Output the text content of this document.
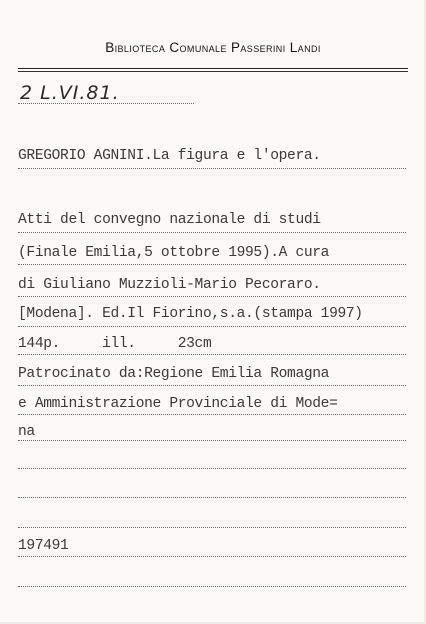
Biblioteca Comunale Passerini Landi
2 L.VI.81.
GREGORIO AGNINI.La figura e l'opera.
Atti del convegno nazionale di studi
(Finale Emilia,5 ottobre 1995).A cura
di Giuliano Muzzioli-Mario Pecoraro.
[Modena]. Ed.Il Fiorino,s.a.(stampa 1997)
144p.     ill.     23cm
Patrocinato da:Regione Emilia Romagna
e Amministrazione Provinciale di Mode=
na
197491
